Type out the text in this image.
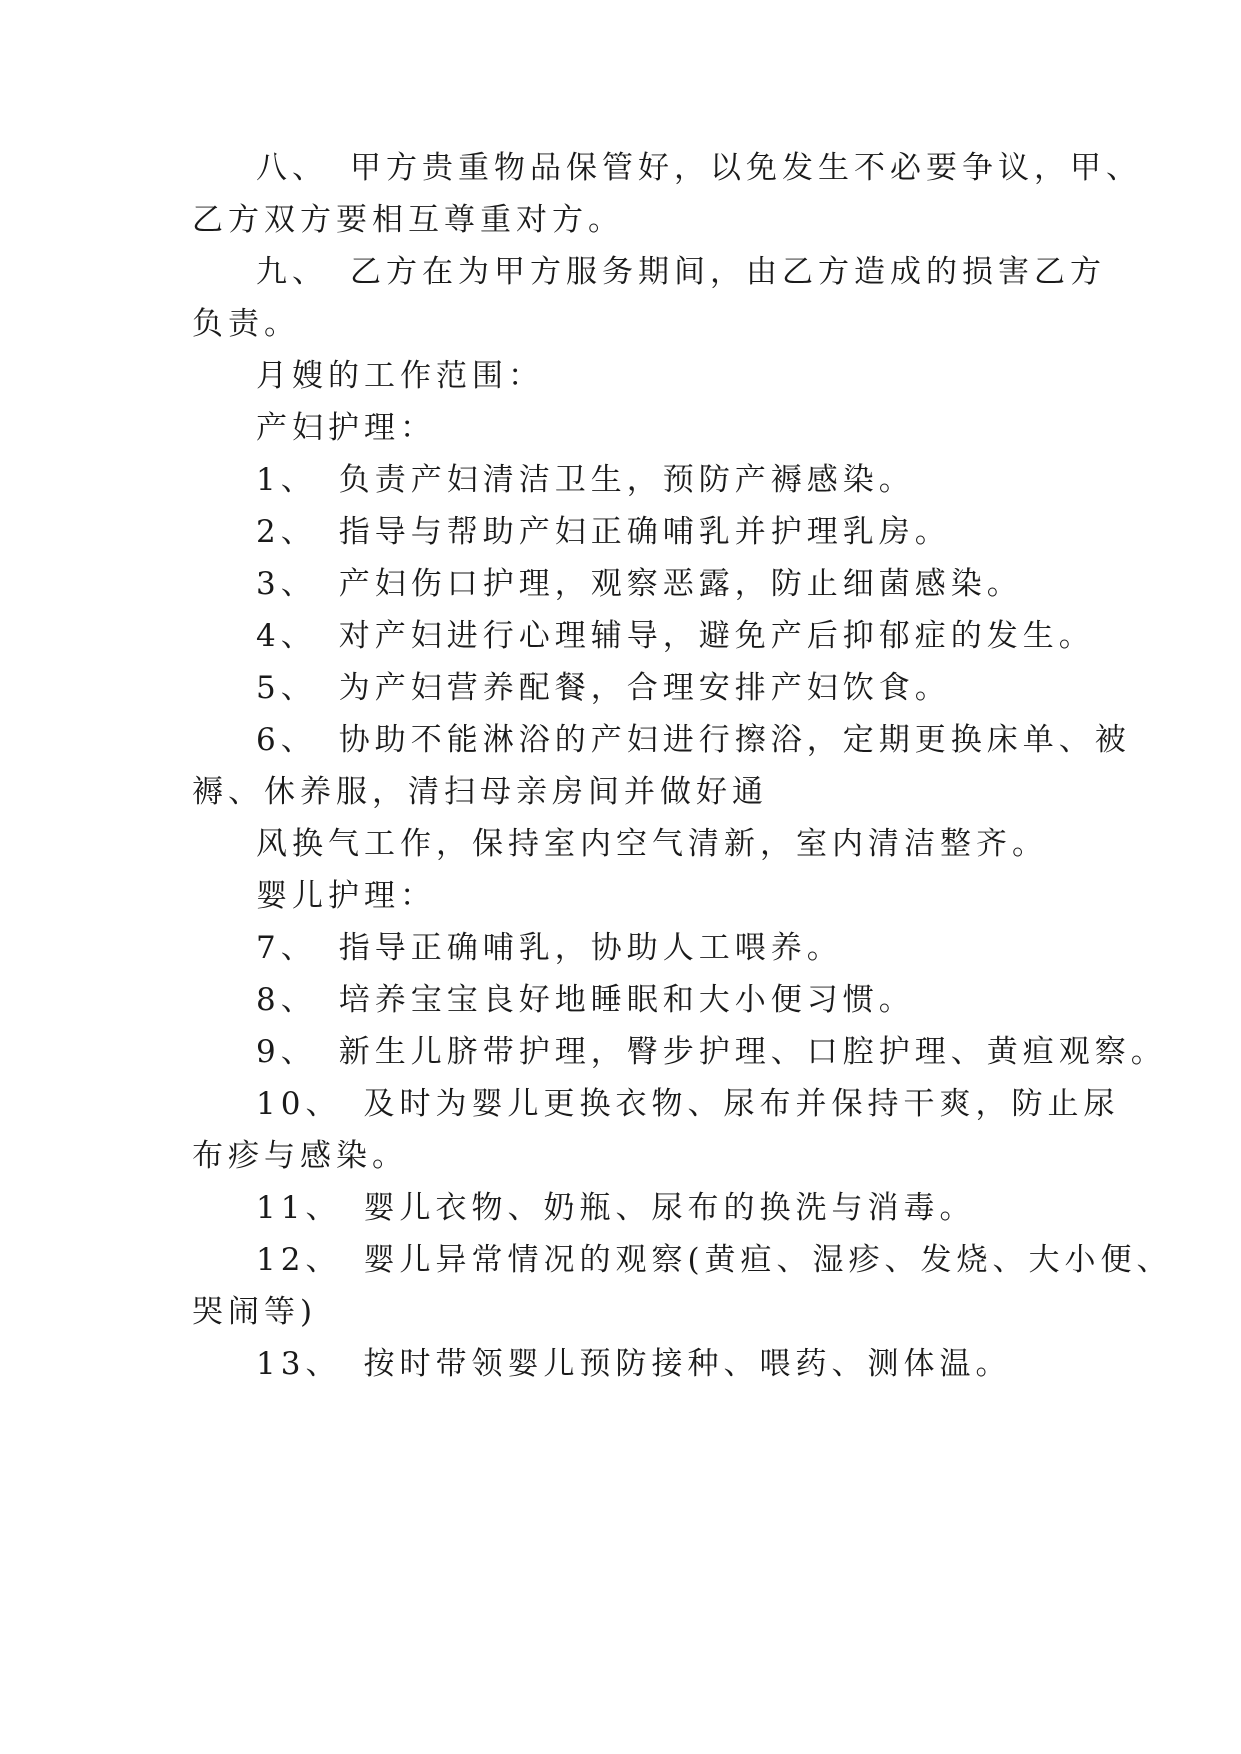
八、 甲方贵重物品保管好，以免发生不必要争议，甲、
乙方双方要相互尊重对方。
九、 乙方在为甲方服务期间，由乙方造成的损害乙方
负责。
月嫂的工作范围：
产妇护理：
1、 负责产妇清洁卫生，预防产褥感染。
2、 指导与帮助产妇正确哺乳并护理乳房。
3、 产妇伤口护理，观察恶露，防止细菌感染。
4、 对产妇进行心理辅导，避免产后抑郁症的发生。
5、 为产妇营养配餐，合理安排产妇饮食。
6、 协助不能淋浴的产妇进行擦浴，定期更换床单、被
褥、休养服，清扫母亲房间并做好通
风换气工作，保持室内空气清新，室内清洁整齐。
婴儿护理：
7、 指导正确哺乳，协助人工喂养。
8、 培养宝宝良好地睡眠和大小便习惯。
9、 新生儿脐带护理，臀步护理、口腔护理、黄疸观察。
10、 及时为婴儿更换衣物、尿布并保持干爽，防止尿
布疹与感染。
11、 婴儿衣物、奶瓶、尿布的换洗与消毒。
12、 婴儿异常情况的观察(黄疸、湿疹、发烧、大小便、
哭闹等)
13、 按时带领婴儿预防接种、喂药、测体温。
